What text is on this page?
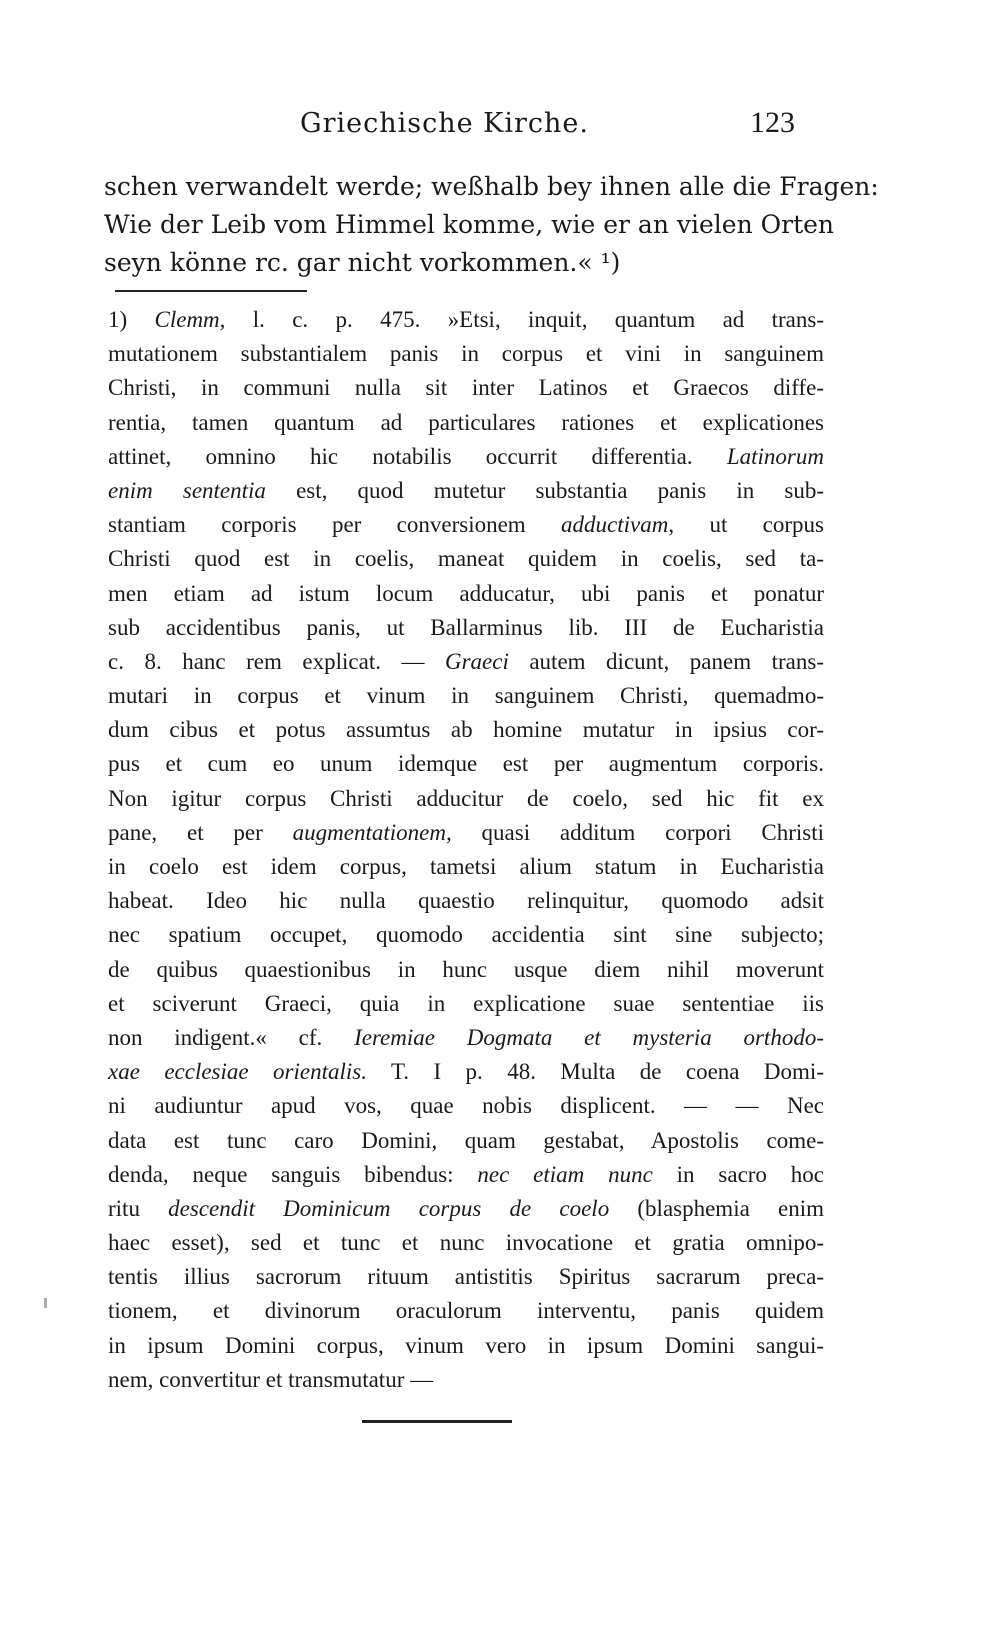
Griechische Kirche.	123
schen verwandelt werde; weßhalb bey ihnen alle die Fragen:
Wie der Leib vom Himmel komme, wie er an vielen Orten
seyn könne rc. gar nicht vorkommen.« ¹)
1) Clemm, l. c. p. 475. »Etsi, inquit, quantum ad trans-
mutationem substantialem panis in corpus et vini in sanguinem
Christi, in communi nulla sit inter Latinos et Graecos diffe-
rentia, tamen quantum ad particulares rationes et explicationes
attinet, omnino hic notabilis occurrit differentia. Latinorum
enim sententia est, quod mutetur substantia panis in sub-
stantiam corporis per conversionem adductivam, ut corpus
Christi quod est in coelis, maneat quidem in coelis, sed ta-
men etiam ad istum locum adducatur, ubi panis et ponatur
sub accidentibus panis, ut Ballarminus lib. III de Eucharistia
c. 8. hanc rem explicat. — Graeci autem dicunt, panem trans-
mutari in corpus et vinum in sanguinem Christi, quemadmo-
dum cibus et potus assumtus ab homine mutatur in ipsius cor-
pus et cum eo unum idemque est per augmentum corporis.
Non igitur corpus Christi adducitur de coelo, sed hic fit ex
pane, et per augmentationem, quasi additum corpori Christi
in coelo est idem corpus, tametsi alium statum in Eucharistia
habeat. Ideo hic nulla quaestio relinquitur, quomodo adsit
nec spatium occupet, quomodo accidentia sint sine subjecto;
de quibus quaestionibus in hunc usque diem nihil moverunt
et sciverunt Graeci, quia in explicatione suae sententiae iis
non indigent.« cf. Ieremiae Dogmata et mysteria orthodo-
xae ecclesiae orientalis. T. I p. 48. Multa de coena Domi-
ni audiuntur apud vos, quae nobis displicent. — — Nec
data est tunc caro Domini, quam gestabat, Apostolis come-
denda, neque sanguis bibendus: nec etiam nunc in sacro hoc
ritu descendit Dominicum corpus de coelo (blasphemia enim
haec esset), sed et tunc et nunc invocatione et gratia omnipo-
tentis illius sacrorum rituum antistitis Spiritus sacrarum preca-
tionem, et divinorum oraculorum interventu, panis quidem
in ipsum Domini corpus, vinum vero in ipsum Domini sangui-
nem, convertitur et transmutatur —
